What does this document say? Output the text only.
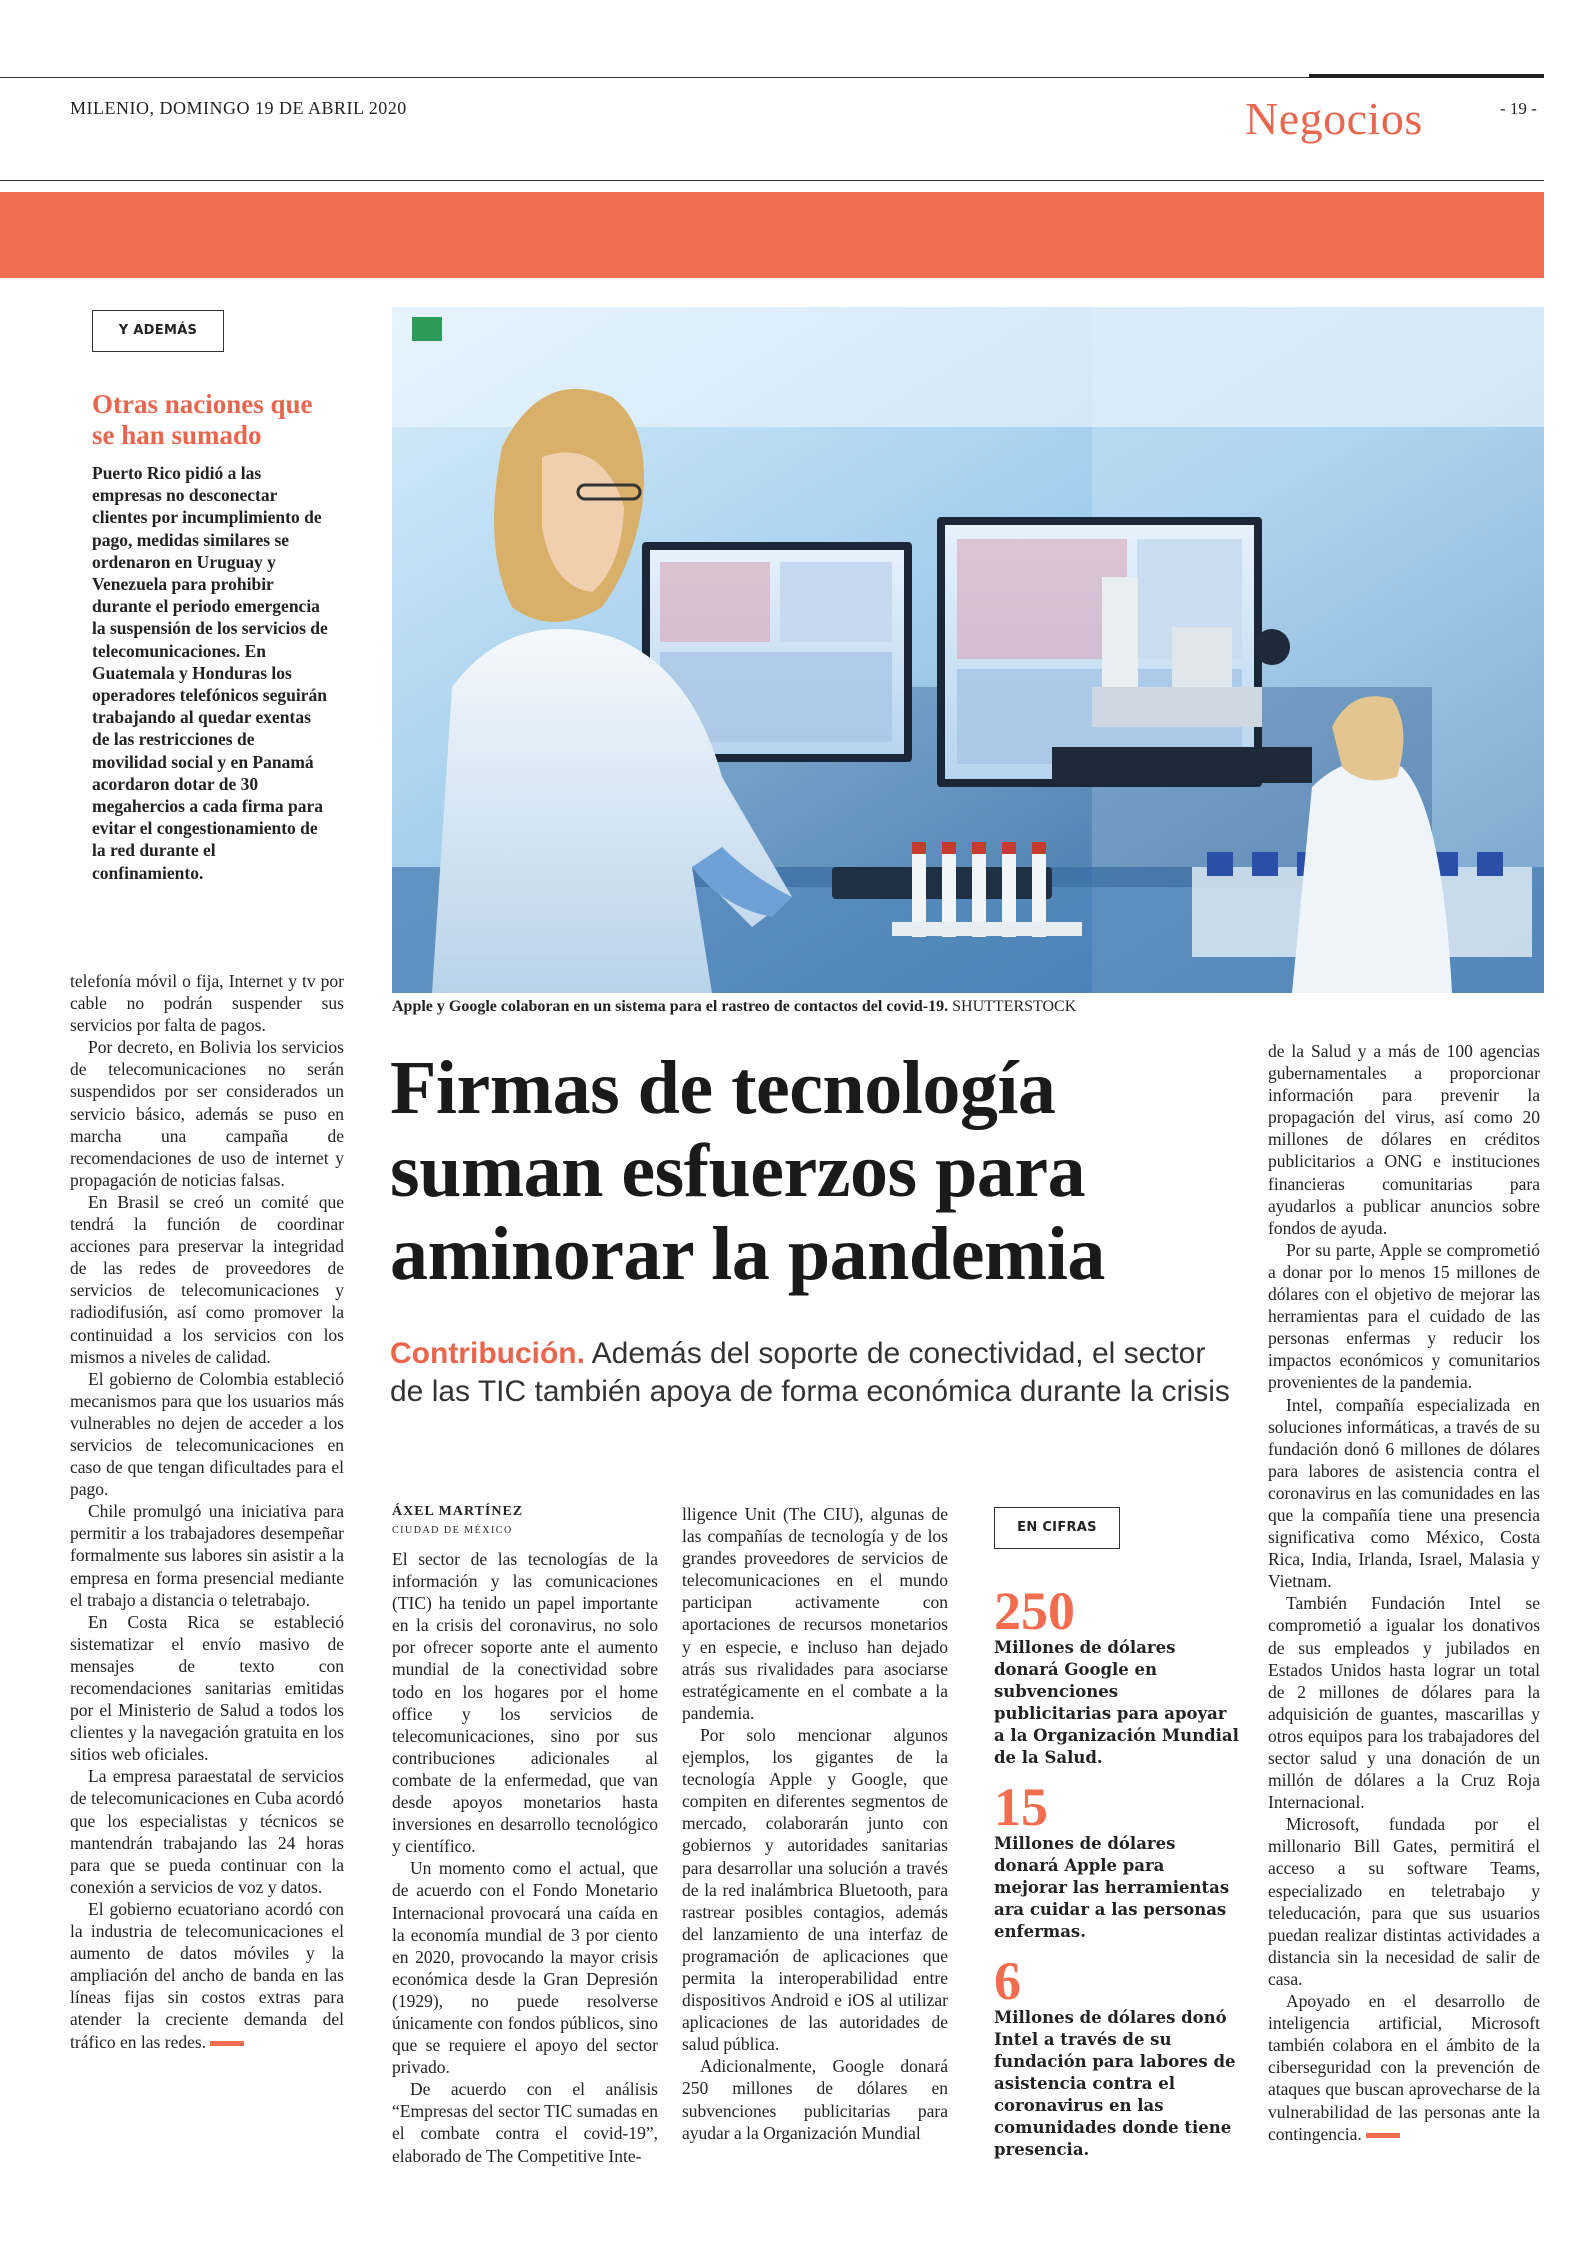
MILENIO, DOMINGO 19 DE ABRIL 2020	Negocios	- 19 -
Y ADEMÁS
Otras naciones que
se han sumado
Puerto Rico pidió a las empresas no desconectar clientes por incumplimiento de pago, medidas similares se ordenaron en Uruguay y Venezuela para prohibir durante el periodo emergencia la suspensión de los servicios de telecomunicaciones. En Guatemala y Honduras los operadores telefónicos seguirán trabajando al quedar exentas de las restricciones de movilidad social y en Panamá acordaron dotar de 30 megahercios a cada firma para evitar el congestionamiento de la red durante el confinamiento.

telefonía móvil o fija, Internet y tv por cable no podrán suspender sus servicios por falta de pagos.

Por decreto, en Bolivia los servicios de telecomunicaciones no serán suspendidos por ser considerados un servicio básico, además se puso en marcha una campaña de recomendaciones de uso de internet y propagación de noticias falsas.

En Brasil se creó un comité que tendrá la función de coordinar acciones para preservar la integridad de las redes de proveedores de servicios de telecomunicaciones y radiodifusión, así como promover la continuidad a los servicios con los mismos a niveles de calidad.

El gobierno de Colombia estableció mecanismos para que los usuarios más vulnerables no dejen de acceder a los servicios de telecomunicaciones en caso de que tengan dificultades para el pago.

Chile promulgó una iniciativa para permitir a los trabajadores desempeñar formalmente sus labores sin asistir a la empresa en forma presencial mediante el trabajo a distancia o teletrabajo.

En Costa Rica se estableció sistematizar el envío masivo de mensajes de texto con recomendaciones sanitarias emitidas por el Ministerio de Salud a todos los clientes y la navegación gratuita en los sitios web oficiales.

La empresa paraestatal de servicios de telecomunicaciones en Cuba acordó que los especialistas y técnicos se mantendrán trabajando las 24 horas para que se pueda continuar con la conexión a servicios de voz y datos.

El gobierno ecuatoriano acordó con la industria de telecomunicaciones el aumento de datos móviles y la ampliación del ancho de banda en las líneas fijas sin costos extras para atender la creciente demanda del tráfico en las redes.

Apple y Google colaboran en un sistema para el rastreo de contactos del covid-19. SHUTTERSTOCK
Firmas de tecnología
suman esfuerzos para
aminorar la pandemia
Contribución. Además del soporte de conectividad, el sector
de las TIC también apoya de forma económica durante la crisis
ÁXEL MARTÍNEZ
CIUDAD DE MÉXICO

El sector de las tecnologías de la información y las comunicaciones (TIC) ha tenido un papel importante en la crisis del coronavirus, no solo por ofrecer soporte ante el aumento mundial de la conectividad sobre todo en los hogares por el home office y los servicios de telecomunicaciones, sino por sus contribuciones adicionales al combate de la enfermedad, que van desde apoyos monetarios hasta inversiones en desarrollo tecnológico y científico.

Un momento como el actual, que de acuerdo con el Fondo Monetario Internacional provocará una caída en la economía mundial de 3 por ciento en 2020, provocando la mayor crisis económica desde la Gran Depresión (1929), no puede resolverse únicamente con fondos públicos, sino que se requiere el apoyo del sector privado.

De acuerdo con el análisis “Empresas del sector TIC sumadas en el combate contra el covid-19”, elaborado de The Competitive Inte-

lligence Unit (The CIU), algunas de las compañías de tecnología y de los grandes proveedores de servicios de telecomunicaciones en el mundo participan activamente con aportaciones de recursos monetarios y en especie, e incluso han dejado atrás sus rivalidades para asociarse estratégicamente en el combate a la pandemia.

Por solo mencionar algunos ejemplos, los gigantes de la tecnología Apple y Google, que compiten en diferentes segmentos de mercado, colaborarán junto con gobiernos y autoridades sanitarias para desarrollar una solución a través de la red inalámbrica Bluetooth, para rastrear posibles contagios, además del lanzamiento de una interfaz de programación de aplicaciones que permita la interoperabilidad entre dispositivos Android e iOS al utilizar aplicaciones de las autoridades de salud pública.

Adicionalmente, Google donará 250 millones de dólares en subvenciones publicitarias para ayudar a la Organización Mundial

EN CIFRAS
250
Millones de dólares donará Google en subvenciones publicitarias para apoyar a la Organización Mundial de la Salud.
15
Millones de dólares donará Apple para mejorar las herramientas ara cuidar a las personas enfermas.
6
Millones de dólares donó Intel a través de su fundación para labores de asistencia contra el coronavirus en las comunidades donde tiene presencia.

de la Salud y a más de 100 agencias gubernamentales a proporcionar información para prevenir la propagación del virus, así como 20 millones de dólares en créditos publicitarios a ONG e instituciones financieras comunitarias para ayudarlos a publicar anuncios sobre fondos de ayuda.

Por su parte, Apple se comprometió a donar por lo menos 15 millones de dólares con el objetivo de mejorar las herramientas para el cuidado de las personas enfermas y reducir los impactos económicos y comunitarios provenientes de la pandemia.

Intel, compañía especializada en soluciones informáticas, a través de su fundación donó 6 millones de dólares para labores de asistencia contra el coronavirus en las comunidades en las que la compañía tiene una presencia significativa como México, Costa Rica, India, Irlanda, Israel, Malasia y Vietnam.

También Fundación Intel se comprometió a igualar los donativos de sus empleados y jubilados en Estados Unidos hasta lograr un total de 2 millones de dólares para la adquisición de guantes, mascarillas y otros equipos para los trabajadores del sector salud y una donación de un millón de dólares a la Cruz Roja Internacional.

Microsoft, fundada por el millonario Bill Gates, permitirá el acceso a su software Teams, especializado en teletrabajo y teleducación, para que sus usuarios puedan realizar distintas actividades a distancia sin la necesidad de salir de casa.

Apoyado en el desarrollo de inteligencia artificial, Microsoft también colabora en el ámbito de la ciberseguridad con la prevención de ataques que buscan aprovecharse de la vulnerabilidad de las personas ante la contingencia.
